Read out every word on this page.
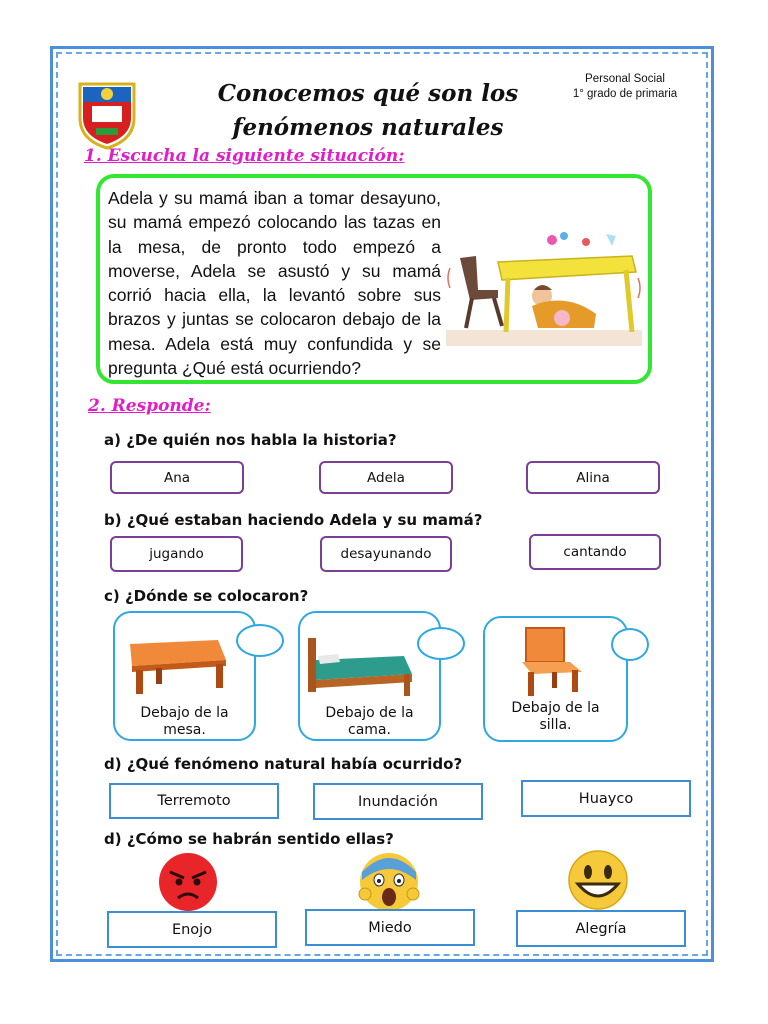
Conocemos qué son los
fenómenos naturales
Personal Social
1° grado de primaria
1. Escucha la siguiente situación:
Adela y su mamá iban a tomar desayuno, su mamá empezó colocando las tazas en la mesa, de pronto todo empezó a moverse, Adela se asustó y su mamá corrió hacia ella, la levantó sobre sus brazos y juntas se colocaron debajo de la mesa. Adela está muy confundida y se pregunta ¿Qué está ocurriendo?
2. Responde:
a) ¿De quién nos habla la historia?
Ana	Adela	Alina
b) ¿Qué estaban haciendo Adela y su mamá?
jugando	desayunando	cantando
c) ¿Dónde se colocaron?
Debajo de la
mesa.
Debajo de la
cama.
Debajo de la
silla.
d) ¿Qué fenómeno natural había ocurrido?
Terremoto	Inundación	Huayco
d) ¿Cómo se habrán sentido ellas?
Enojo	Miedo	Alegría
